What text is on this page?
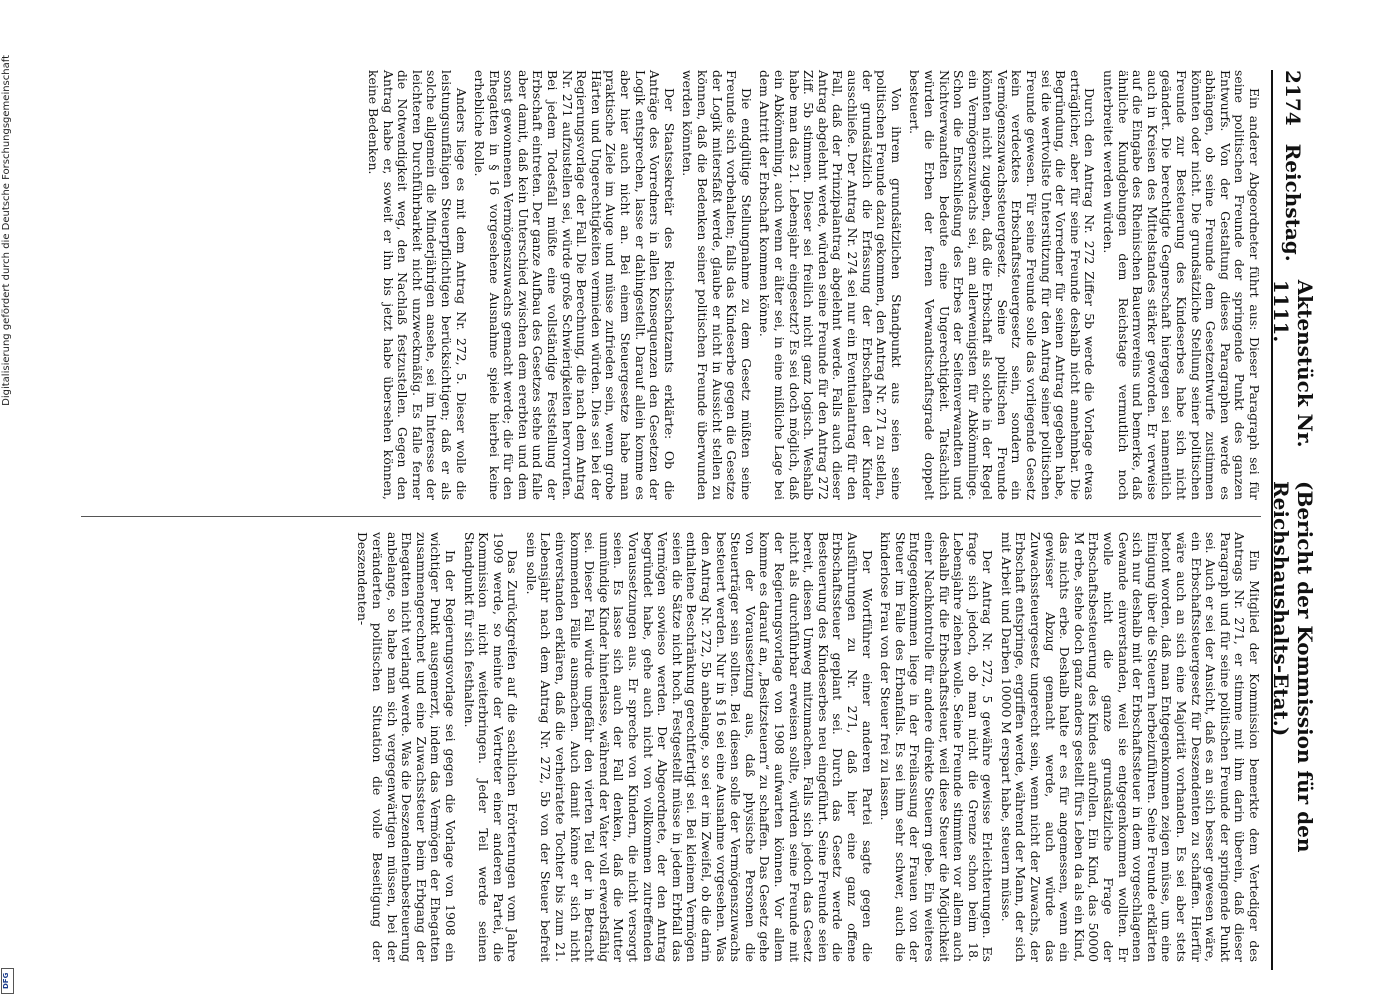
Digitalisierung gefördert durch die Deutsche Forschungsgemeinschaft
DFG
2174
Reichstag.
Aktenstück Nr. 1111.
(Bericht der Kommission für den Reichshaushalts-Etat.)

Ein anderer Abgeordneter führt aus: Dieser Paragraph sei für seine politischen Freunde der springende Punkt des ganzen Entwurfs. Von der Gestaltung dieses Paragraphen werde es abhängen, ob seine Freunde dem Gesetzentwurfe zustimmen könnten oder nicht. Die grundsätzliche Stellung seiner politischen Freunde zur Besteuerung des Kindeserbes habe sich nicht geändert. Die berechtigte Gegnerschaft hiergegen sei namentlich auch in Kreisen des Mittelstandes stärker geworden. Er verweise auf die Eingabe des Rheinischen Bauernvereins und bemerke, daß ähnliche Kundgebungen dem Reichstage vermutlich noch unterbreitet werden würden.

Durch den Antrag Nr. 272 Ziffer 5b werde die Vorlage etwas erträglicher, aber für seine Freunde deshalb nicht annehmbar. Die Begründung, die der Vorredner für seinen Antrag gegeben habe, sei die wertvollste Unterstützung für den Antrag seiner politischen Freunde gewesen. Für seine Freunde solle das vorliegende Gesetz kein verdecktes Erbschaftssteuergesetz sein, sondern ein Vermögenszuwachssteuergesetz. Seine politischen Freunde könnten nicht zugeben, daß die Erbschaft als solche in der Regel ein Vermögenszuwachs sei, am allerwenigsten für Abkömmlinge. Schon die Entschließung des Erbes der Seitenverwandten und Nichtverwandten bedeute eine Ungerechtigkeit. Tatsächlich würden die Erben der fernen Verwandtschaftsgrade doppelt besteuert.

Von ihrem grundsätzlichen Standpunkt aus seien seine politischen Freunde dazu gekommen, den Antrag Nr. 271 zu stellen, der grundsätzlich die Erfassung der Erbschaften der Kinder ausschließe. Der Antrag Nr. 274 sei nur ein Eventualantrag für den Fall, daß der Prinzipalantrag abgelehnt werde. Falls auch dieser Antrag abgelehnt werde, würden seine Freunde für den Antrag 272 Ziff. 5b stimmen. Dieser sei freilich nicht ganz logisch. Weshalb habe man das 21. Lebensjahr eingesetzt? Es sei doch möglich, daß ein Abkömmling, auch wenn er älter sei, in eine mißliche Lage bei dem Antritt der Erbschaft kommen könne.

Die endgültige Stellungnahme zu dem Gesetz müßten seine Freunde sich vorbehalten; falls das Kindeserbe gegen die Gesetze der Logik mitersfaßt werde, glaube er nicht in Aussicht stellen zu können, daß die Bedenken seiner politischen Freunde überwunden werden könnten.

Der Staatssekretär des Reichsschatzamts erklärte: Ob die Anträge des Vorredners in allen Konsequenzen den Gesetzen der Logik entsprechen, lasse er dahingestellt. Darauf allein komme es aber hier auch nicht an. Bei einem Steuergesetze habe man praktische Ziele im Auge und müsse zufrieden sein, wenn grobe Härten und Ungerechtigkeiten vermieden würden. Dies sei bei der Regierungsvorlage der Fall. Die Berechnung, die nach dem Antrag Nr. 271 aufzustellen sei, würde große Schwierigkeiten hervorrufen. Bei jedem Todesfall müßte eine vollständige Feststellung der Erbschaft eintreten. Der ganze Aufbau des Gesetzes stehe und falle aber damit, daß kein Unterschied zwischen dem ererbten und dem sonst gewonnenen Vermögenszuwachs gemacht werde; die für den Ehegatten in § 16 vorgesehene Ausnahme spiele hierbei keine erhebliche Rolle.

Anders liege es mit dem Antrag Nr. 272, 5. Dieser wolle die leistungsunfähigen Steuerpflichtigen berücksichtigen; daß er als solche allgemein die Minderjährigen ansehe, sei im Interesse der leichteren Durchführbarkeit nicht unzweckmäßig. Es falle ferner die Notwendigkeit weg, den Nachlaß festzustellen. Gegen den Antrag habe er, soweit er ihn bis jetzt habe übersehen können, keine Bedenken.

Ein Mitglied der Kommission bemerkte dem Vertediger des Antrags Nr. 271, er stimme mit ihm darin überein, daß dieser Paragraph und für seine politischen Freunde der springende Punkt sei. Auch er sei der Ansicht, daß es an sich besser gewesen wäre, ein Erbschaftssteuergesetz für Deszendenten zu schaffen. Hierfür wäre auch an sich eine Majorität vorhanden. Es sei aber stets betont worden, daß man Entgegenkommen zeigen müsse, um eine Einigung über die Steuern herbeizuführen. Seine Freunde erklärten sich nur deshalb mit der Erbschaftssteuer in dem vorgeschlagenen Gewande einverstanden, weil sie entgegenkommen wollten. Er wolle nicht die ganze grundsätzliche Frage der Erbschaftsbesteuerung des Kindes aufrollen. Ein Kind, das 50000 M erbe, stehe doch ganz anders gestellt fürs Leben da als ein Kind, das nichts erbe. Deshalb halte er es für angemessen, wenn ein gewisser Abzug gemacht werde, auch würde das Zuwachssteuergesetz ungerecht sein, wenn nicht der Zuwachs, der Erbschaft entspringe, ergriffen werde, während der Mann, der sich mit Arbeit und Darben 10000 M erspart habe, steuern müsse.

Der Antrag Nr. 272, 5 gewähre gewisse Erleichterungen. Es frage sich jedoch, ob man nicht die Grenze schon beim 18. Lebensjahre ziehen wolle. Seine Freunde stimmten vor allem auch deshalb für die Erbschaftssteuer, weil diese Steuer die Möglichkeit einer Nachkontrolle für andere direkte Steuern gebe. Ein weiteres Entgegenkommen liege in der Freilassung der Frauen von der Steuer im Falle des Erbanfalls. Es sei ihm sehr schwer, auch die kinderlose Frau von der Steuer frei zu lassen.

Der Wortführer einer anderen Partei sagte gegen die Ausführungen zu Nr. 271, daß hier eine ganz offene Erbschaftssteuer geplant sei. Durch das Gesetz werde die Besteuerung des Kindeserbes neu eingeführt. Seine Freunde seien bereit, diesen Umweg mitzumachen. Falls sich jedoch das Gesetz nicht als durchführbar erweisen sollte, würden seine Freunde mit der Regierungsvorlage von 1908 aufwarten können. Vor allem komme es darauf an, „Besitzsteuern“ zu schaffen. Das Gesetz gehe von der Voraussetzung aus, daß physische Personen die Steuerträger sein sollten. Bei diesen solle der Vermögenszuwachs besteuert werden. Nur in § 16 sei eine Ausnahme vorgesehen. Was den Antrag Nr. 272, 5b anbelange, so sei er im Zweifel, ob die darin enthaltene Beschränkung gerechtfertigt sei. Bei kleinem Vermögen seien die Sätze nicht hoch. Festgestellt müsse in jedem Erbfall das Vermögen sowieso werden. Der Abgeordnete, der den Antrag begründet habe, gehe auch nicht von vollkommen zutreffenden Voraussetzungen aus. Er spreche von Kindern, die nicht versorgt seien. Es lasse sich auch der Fall denken, daß die Mutter unmündige Kinder hinterlasse, während der Vater voll erwerbsfähig sei. Dieser Fall würde ungefähr den vierten Teil der in Betracht kommenden Fälle ausmachen. Auch damit könne er sich nicht einverstanden erklären, daß die verheiratete Tochter bis zum 21. Lebensjahr nach dem Antrag Nr. 272, 5b von der Steuer befreit sein solle.

Das Zurückgreifen auf die sachlichen Erörterungen vom Jahre 1909 werde, so meinte der Vertreter einer anderen Partei, die Kommission nicht weiterbringen. Jeder Teil werde seinen Standpunkt für sich festhalten.

In der Regierungsvorlage sei gegen die Vorlage von 1908 ein wichtiger Punkt ausgemerzt, indem das Vermögen der Ehegatten zusammengerechnet und eine Zuwachssteuer beim Erbgang der Ehegatten nicht verlangt werde. Was die Deszendentenbesteuerung anbelange, so habe man sich vergegenwärtigen müssen, bei der veränderten politischen Situation die volle Beseitigung der Deszendenten-
